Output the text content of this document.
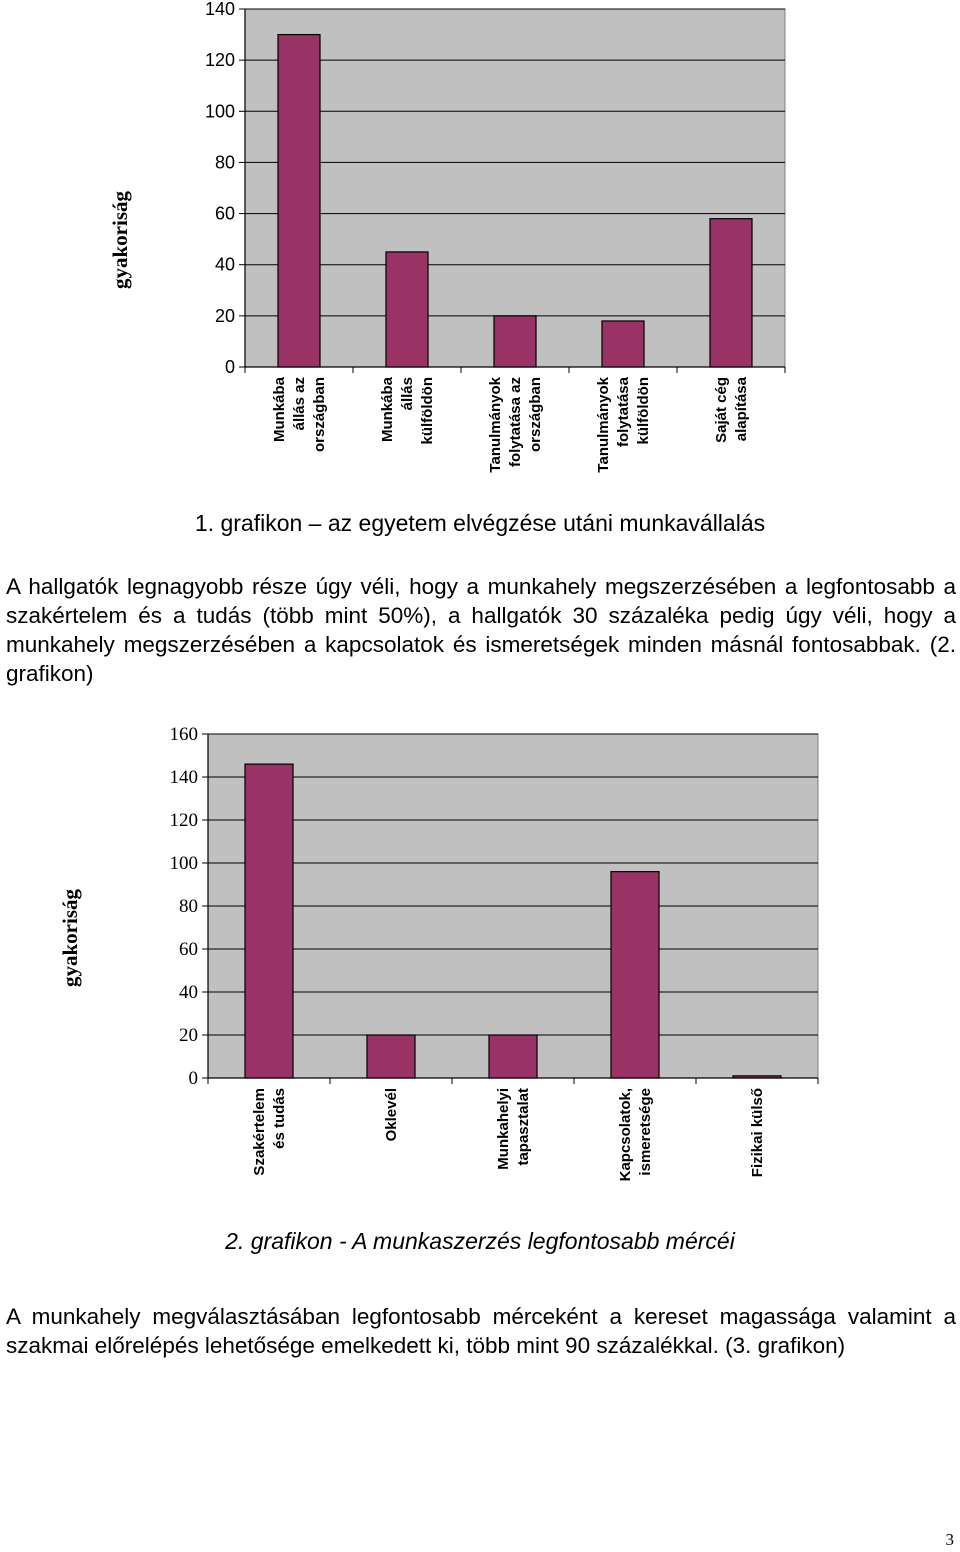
0
20
40
60
80
100
120
140
Munkába állás az országban	Munkába állás külföldön	Tanulmányok folytatása az országban	Tanulmányok folytatása külföldön	Saját cég alapítása
gyakoriság

1. grafikon – az egyetem elvégzése utáni munkavállalás

A hallgatók legnagyobb része úgy véli, hogy a munkahely megszerzésében a legfontosabb a szakértelem és a tudás (több mint 50%), a hallgatók 30 százaléka pedig úgy véli, hogy a munkahely megszerzésében a kapcsolatok és ismeretségek minden másnál fontosabbak. (2. grafikon)

0
20
40
60
80
100
120
140
160
Szakértelem és tudás	Oklevél	Munkahelyi tapasztalat	Kapcsolatok, ismeretsége	Fizikai külső
gyakoriság

2. grafikon - A munkaszerzés legfontosabb mércéi

A munkahely megválasztásában legfontosabb mérceként a kereset magassága valamint a szakmai előrelépés lehetősége emelkedett ki, több mint 90 százalékkal. (3. grafikon)

3
